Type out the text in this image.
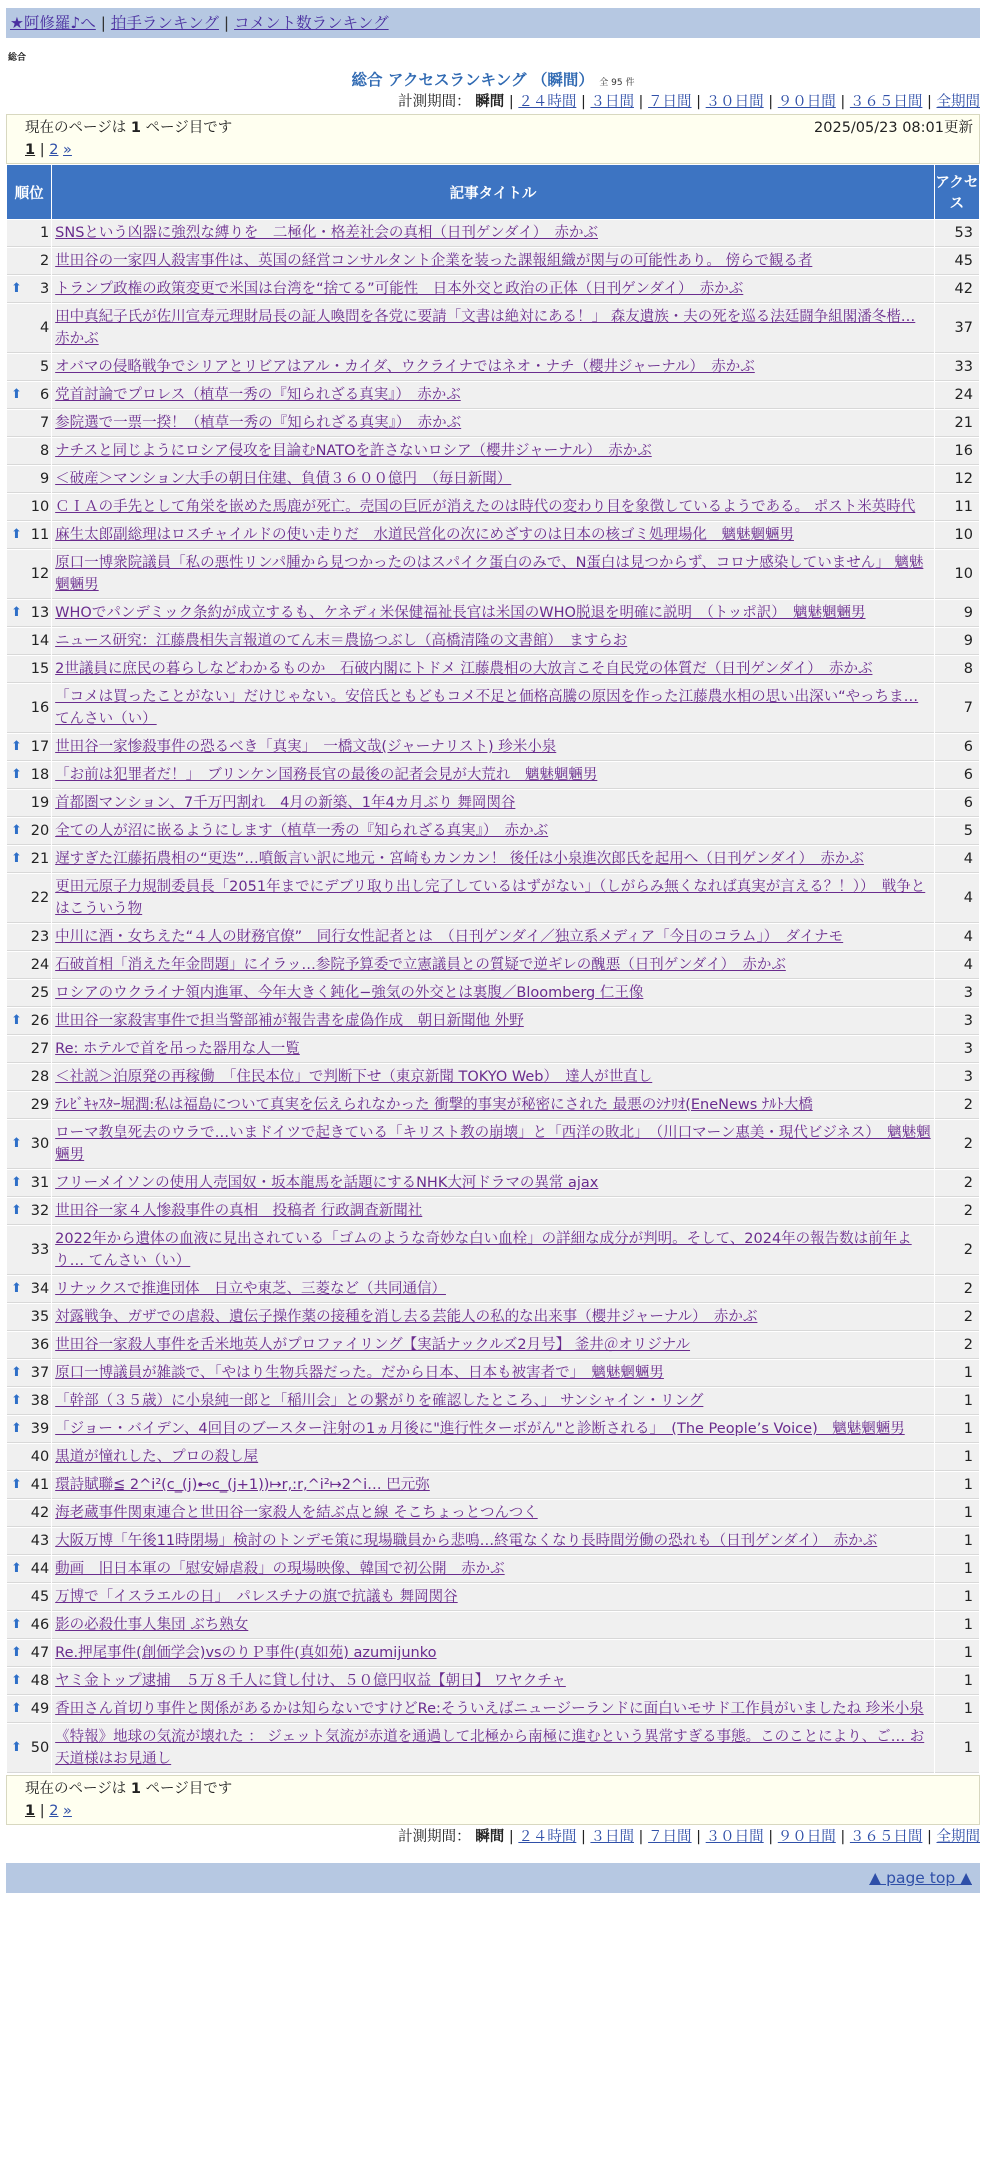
★阿修羅♪へ | 拍手ランキング | コメント数ランキング
総合
総合 アクセスランキング （瞬間） 全 95 件
計測期間： 瞬間 | ２４時間 | ３日間 | ７日間 | ３０日間 | ９０日間 | ３６５日間 | 全期間
現在のページは 1 ページ目です	2025/05/23 08:01更新
1 | 2 »
順位	記事タイトル	アクセス
1	SNSという凶器に強烈な縛りを　二極化・格差社会の真相（日刊ゲンダイ）　赤かぶ	53
2	世田谷の一家四人殺害事件は、英国の経営コンサルタント企業を装った課報組織が関与の可能性あり。 傍らで観る者	45

⬆ 3	トランプ政権の政策変更で米国は台湾を“捨てる”可能性　日本外交と政治の正体（日刊ゲンダイ）　赤かぶ	42
4	田中真紀子氏が佐川宣寿元理財局長の証人喚問を各党に要請「文書は絶対にある！」 森友遺族・夫の死を巡る法廷闘争組閣潘冬楷… 赤かぶ	37
5	オバマの侵略戦争でシリアとリビアはアル・カイダ、ウクライナではネオ・ナチ（櫻井ジャーナル）　赤かぶ	33

⬆ 6	党首討論でプロレス（植草一秀の『知られざる真実』）　赤かぶ	24
7	参院選で一票一揆！（植草一秀の『知られざる真実』）　赤かぶ	21
8	ナチスと同じようにロシア侵攻を目論むNATOを許さないロシア（櫻井ジャーナル）　赤かぶ	16
9	＜破産＞マンション大手の朝日住建、負債３６００億円　（毎日新聞）	12
10	ＣＩＡの手先として角栄を嵌めた馬鹿が死亡。売国の巨匠が消えたのは時代の変わり目を象徴しているようである。 ポスト米英時代	11

⬆ 11	麻生太郎副総理はロスチャイルドの使い走りだ　水道民営化の次にめざすのは日本の核ゴミ処理場化　魑魅魍魎男	10
12	原口一博衆院議員「私の悪性リンパ腫から見つかったのはスパイク蛋白のみで、N蛋白は見つからず、コロナ感染していません」 魑魅魍魎男	10

⬆ 13	WHOでパンデミック条約が成立するも、ケネディ米保健福祉長官は米国のWHO脱退を明確に説明　（トッポ訳）　魑魅魍魎男	9
14	ニュース研究：江藤農相失言報道のてん末＝農協つぶし（高橋清隆の文書館）　ますらお	9
15	2世議員に庶民の暮らしなどわかるものか　石破内閣にトドメ 江藤農相の大放言こそ自民党の体質だ（日刊ゲンダイ）　赤かぶ	8
16	「コメは買ったことがない」だけじゃない。安倍氏ともどもコメ不足と価格高騰の原因を作った江藤農水相の思い出深い“やっちま… てんさい（い）	7

⬆ 17	世田谷一家惨殺事件の恐るべき「真実」　一橋文哉(ジャーナリスト) 珍米小泉	6

⬆ 18	「お前は犯罪者だ！」　ブリンケン国務長官の最後の記者会見が大荒れ　魑魅魍魎男	6
19	首都圏マンション、7千万円割れ　4月の新築、1年4カ月ぶり 舞岡関谷	6

⬆ 20	全ての人が沼に嵌るようにします（植草一秀の『知られざる真実』）　赤かぶ	5

⬆ 21	遅すぎた江藤拓農相の“更迭”…噴飯言い訳に地元・宮崎もカンカン！ 後任は小泉進次郎氏を起用へ（日刊ゲンダイ）　赤かぶ	4
22	更田元原子力規制委員長「2051年までにデブリ取り出し完了しているはずがない」（しがらみ無くなれば真実が言える？！））　戦争とはこういう物	4
23	中川に酒・女ちえた“４人の財務官僚”　同行女性記者とは　（日刊ゲンダイ／独立系メディア「今日のコラム」）　ダイナモ	4
24	石破首相「消えた年金問題」にイラッ…参院予算委で立憲議員との質疑で逆ギレの醜悪（日刊ゲンダイ）　赤かぶ	4
25	ロシアのウクライナ領内進軍、今年大きく鈍化−強気の外交とは裏腹／Bloomberg 仁王像	3

⬆ 26	世田谷一家殺害事件で担当警部補が報告書を虚偽作成　朝日新聞他 外野	3
27	Re: ホテルで首を吊った器用な人一覧	3
28	＜社説＞泊原発の再稼働　「住民本位」で判断下せ（東京新聞 TOKYO Web）　達人が世直し	3
29	ﾃﾚﾋﾞｷｬｽﾀｰ堀潤:私は福島について真実を伝えられなかった 衝撃的事実が秘密にされた 最悪のｼﾅﾘｵ(EneNews ﾅﾙﾄ大橋	2

⬆ 30	ローマ教皇死去のウラで…いまドイツで起きている「キリスト教の崩壊」と「西洋の敗北」　（川口マーン惠美・現代ビジネス）　魑魅魍魎男	2

⬆ 31	フリーメイソンの使用人売国奴・坂本龍馬を話題にするNHK大河ドラマの異常 ajax	2

⬆ 32	世田谷一家４人惨殺事件の真相　投稿者 行政調査新聞社	2
33	2022年から遺体の血液に見出されている「ゴムのような奇妙な白い血栓」の詳細な成分が判明。そして、2024年の報告数は前年より… てんさい（い）	2

⬆ 34	リナックスで推進団体　日立や東芝、三菱など（共同通信）	2
35	対露戦争、ガザでの虐殺、遺伝子操作薬の接種を消し去る芸能人の私的な出来事（櫻井ジャーナル）　赤かぶ	2
36	世田谷一家殺人事件を舌米地英人がプロファイリング【実話ナックルズ2月号】 釜井＠オリジナル	2

⬆ 37	原口一博議員が雑談で、「やはり生物兵器だった。だから日本、日本も被害者で」　魑魅魍魎男	1

⬆ 38	「幹部（３５歳）に小泉純一郎と「稲川会」との繋がりを確認したところ、」 サンシャイン・リング	1

⬆ 39	「ジョー・バイデン、4回目のブースター注射の1ヵ月後に"進行性ターボがん"と診断される」　(The People’s Voice)　魑魅魍魎男	1
40	黒道が憧れした、プロの殺し屋	1

⬆ 41	環詩賦聯≦ 2^i²(c_(j)⊷c_(j+1))↦r,:r,^i²↦2^i… 巴元弥	1
42	海老蔵事件関東連合と世田谷一家殺人を結ぶ点と線 そこちょっとつんつく	1
43	大阪万博「午後11時閉場」検討のトンデモ策に現場職員から悲鳴…終電なくなり長時間労働の恐れも（日刊ゲンダイ）　赤かぶ	1

⬆ 44	動画　旧日本軍の「慰安婦虐殺」の現場映像、韓国で初公開　赤かぶ	1
45	万博で「イスラエルの日」　パレスチナの旗で抗議も 舞岡関谷	1

⬆ 46	影の必殺仕事人集団 ぶち熟女	1

⬆ 47	Re.押尾事件(創価学会)vsのりＰ事件(真如苑) azumijunko	1

⬆ 48	ヤミ金トップ逮捕　５万８千人に貸し付け、５０億円収益【朝日】 ワヤクチャ	1

⬆ 49	香田さん首切り事件と関係があるかは知らないですけどRe:そういえばニュージーランドに面白いモサド工作員がいましたね 珍米小泉	1

⬆ 50	《特報》地球の気流が壊れた ： ジェット気流が赤道を通過して北極から南極に進むという異常すぎる事態。このことにより、ご… お天道様はお見通し	1
現在のページは 1 ページ目です
1 | 2 »
計測期間： 瞬間 | ２４時間 | ３日間 | ７日間 | ３０日間 | ９０日間 | ３６５日間 | 全期間
▲ page top ▲
